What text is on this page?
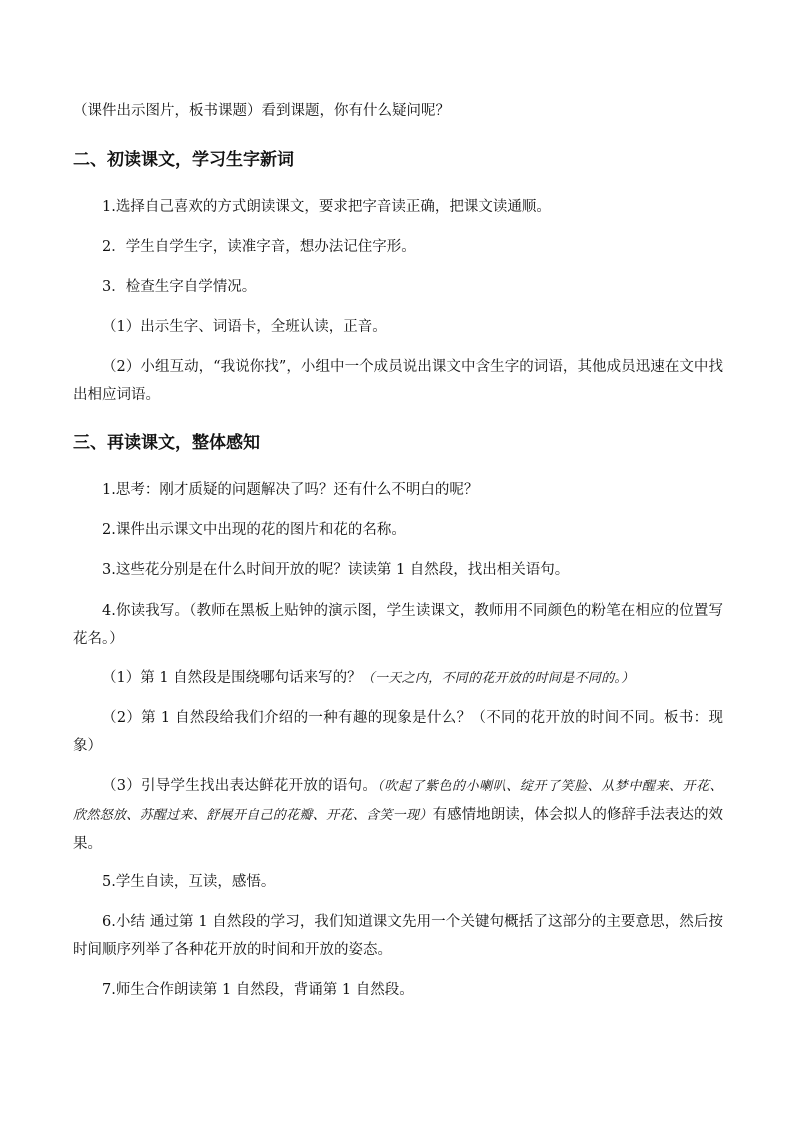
（课件出示图片，板书课题）看到课题，你有什么疑问呢？

二、初读课文，学习生字新词

1.选择自己喜欢的方式朗读课文，要求把字音读正确，把课文读通顺。

2．学生自学生字，读准字音，想办法记住字形。

3．检查生字自学情况。

（1）出示生字、词语卡，全班认读，正音。

（2）小组互动，“我说你找”，小组中一个成员说出课文中含生字的词语，其他成员迅速在文中找出相应词语。

三、再读课文，整体感知

1.思考：刚才质疑的问题解决了吗？还有什么不明白的呢？

2.课件出示课文中出现的花的图片和花的名称。

3.这些花分别是在什么时间开放的呢？读读第 1 自然段，找出相关语句。

4.你读我写。（教师在黑板上贴钟的演示图，学生读课文，教师用不同颜色的粉笔在相应的位置写花名。）

（1）第 1 自然段是围绕哪句话来写的？（一天之内，不同的花开放的时间是不同的。）

（2）第 1 自然段给我们介绍的一种有趣的现象是什么？（不同的花开放的时间不同。板书：现象）

（3）引导学生找出表达鲜花开放的语句。（吹起了紫色的小喇叭、绽开了笑脸、从梦中醒来、开花、欣然怒放、苏醒过来、舒展开自己的花瓣、开花、含笑一现）有感情地朗读，体会拟人的修辞手法表达的效果。

5.学生自读，互读，感悟。

6.小结 通过第 1 自然段的学习，我们知道课文先用一个关键句概括了这部分的主要意思，然后按时间顺序列举了各种花开放的时间和开放的姿态。

7.师生合作朗读第 1 自然段，背诵第 1 自然段。
